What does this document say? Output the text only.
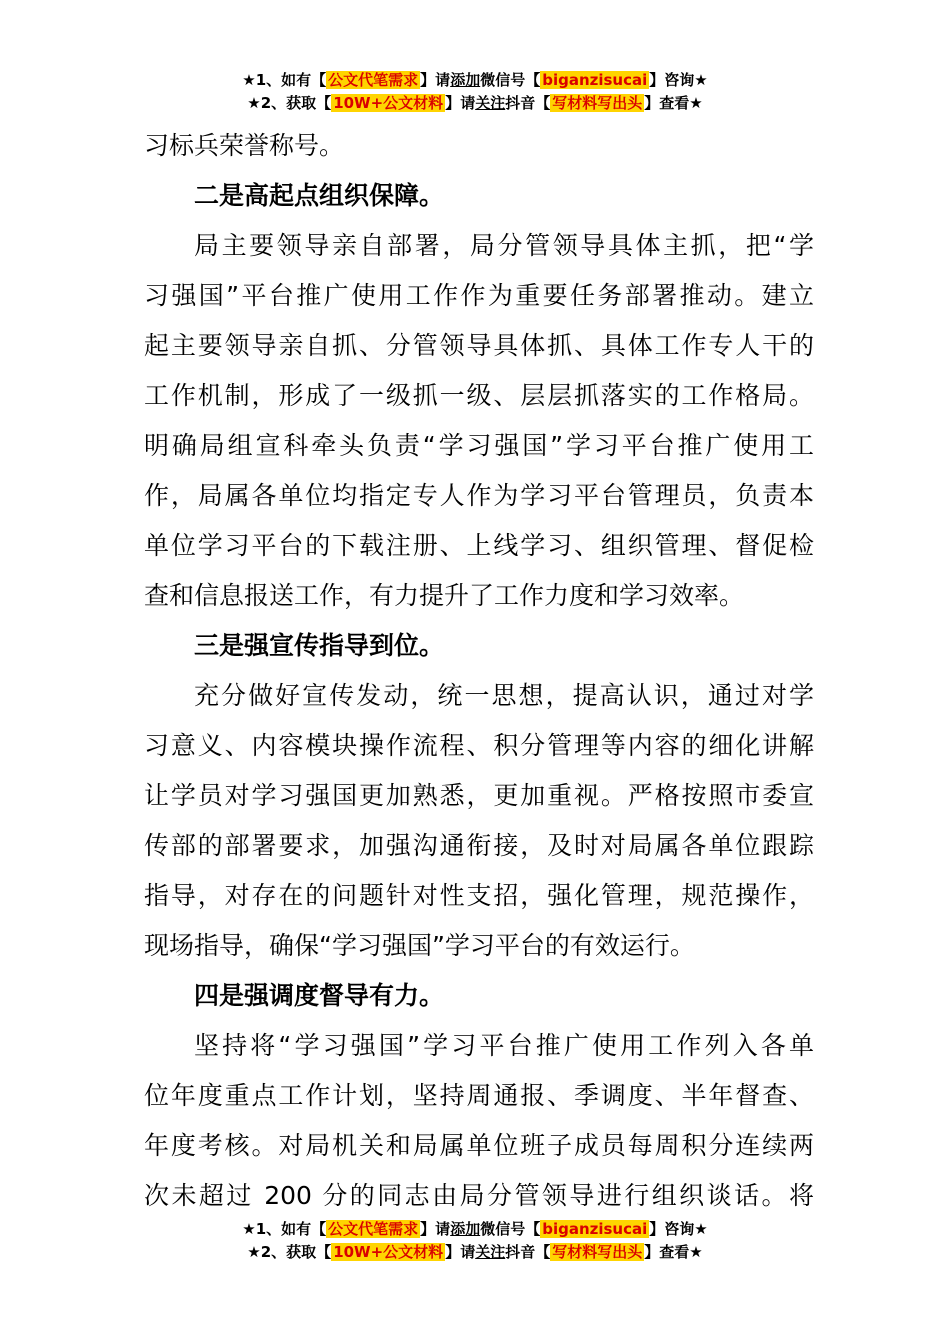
★1、如有【 公文代笔需求 】请添加微信号【 biganzisucai 】咨询★
★2、获取【 10W+公文材料 】请关注抖音【 写材料写出头 】查看★
习标兵荣誉称号。
二是高起点组织保障。
局主要领导亲自部署，局分管领导具体主抓，把“学
习强国”平台推广使用工作作为重要任务部署推动。建立
起主要领导亲自抓、分管领导具体抓、具体工作专人干的
工作机制，形成了一级抓一级、层层抓落实的工作格局。
明确局组宣科牵头负责“学习强国”学习平台推广使用工
作，局属各单位均指定专人作为学习平台管理员，负责本
单位学习平台的下载注册、上线学习、组织管理、督促检
查和信息报送工作，有力提升了工作力度和学习效率。
三是强宣传指导到位。
充分做好宣传发动，统一思想，提高认识，通过对学
习意义、内容模块操作流程、积分管理等内容的细化讲解
让学员对学习强国更加熟悉，更加重视。严格按照市委宣
传部的部署要求，加强沟通衔接，及时对局属各单位跟踪
指导，对存在的问题针对性支招，强化管理，规范操作，
现场指导，确保“学习强国”学习平台的有效运行。
四是强调度督导有力。
坚持将“学习强国”学习平台推广使用工作列入各单
位年度重点工作计划，坚持周通报、季调度、半年督查、
年度考核。对局机关和局属单位班子成员每周积分连续两
次未超过 200 分的同志由局分管领导进行组织谈话。将
★1、如有【 公文代笔需求 】请添加微信号【 biganzisucai 】咨询★
★2、获取【 10W+公文材料 】请关注抖音【 写材料写出头 】查看★
